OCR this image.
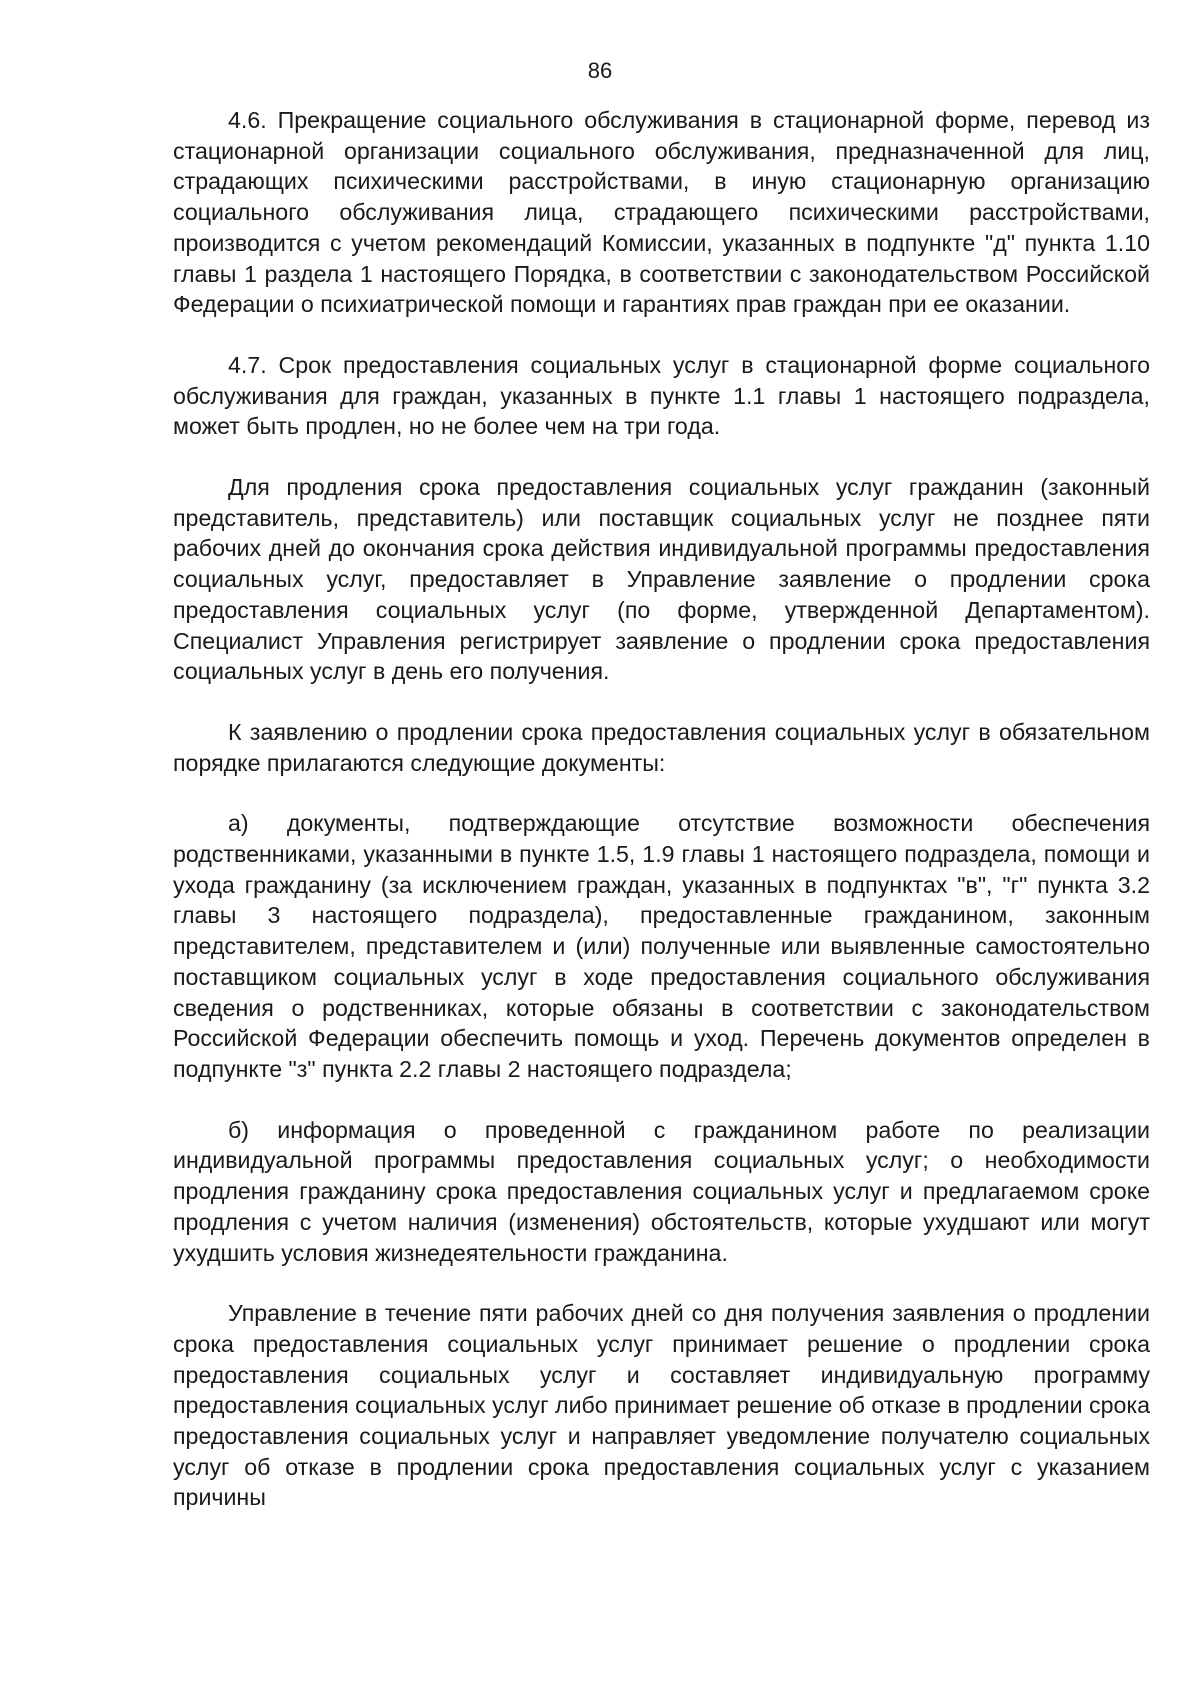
86

4.6. Прекращение социального обслуживания в стационарной форме, перевод из стационарной организации социального обслуживания, предназначенной для лиц, страдающих психическими расстройствами, в иную стационарную организацию социального обслуживания лица, страдающего психическими расстройствами, производится с учетом рекомендаций Комиссии, указанных в подпункте "д" пункта 1.10 главы 1 раздела 1 настоящего Порядка, в соответствии с законодательством Российской Федерации о психиатрической помощи и гарантиях прав граждан при ее оказании.

4.7. Срок предоставления социальных услуг в стационарной форме социального обслуживания для граждан, указанных в пункте 1.1 главы 1 настоящего подраздела, может быть продлен, но не более чем на три года.

Для продления срока предоставления социальных услуг гражданин (законный представитель, представитель) или поставщик социальных услуг не позднее пяти рабочих дней до окончания срока действия индивидуальной программы предоставления социальных услуг, предоставляет в Управление заявление о продлении срока предоставления социальных услуг (по форме, утвержденной Департаментом). Специалист Управления регистрирует заявление о продлении срока предоставления социальных услуг в день его получения.

К заявлению о продлении срока предоставления социальных услуг в обязательном порядке прилагаются следующие документы:

а) документы, подтверждающие отсутствие возможности обеспечения родственниками, указанными в пункте 1.5, 1.9 главы 1 настоящего подраздела, помощи и ухода гражданину (за исключением граждан, указанных в подпунктах "в", "г" пункта 3.2 главы 3 настоящего подраздела), предоставленные гражданином, законным представителем, представителем и (или) полученные или выявленные самостоятельно поставщиком социальных услуг в ходе предоставления социального обслуживания сведения о родственниках, которые обязаны в соответствии с законодательством Российской Федерации обеспечить помощь и уход. Перечень документов определен в подпункте "з" пункта 2.2 главы 2 настоящего подраздела;

б) информация о проведенной с гражданином работе по реализации индивидуальной программы предоставления социальных услуг; о необходимости продления гражданину срока предоставления социальных услуг и предлагаемом сроке продления с учетом наличия (изменения) обстоятельств, которые ухудшают или могут ухудшить условия жизнедеятельности гражданина.

Управление в течение пяти рабочих дней со дня получения заявления о продлении срока предоставления социальных услуг принимает решение о продлении срока предоставления социальных услуг и составляет индивидуальную программу предоставления социальных услуг либо принимает решение об отказе в продлении срока предоставления социальных услуг и направляет уведомление получателю социальных услуг об отказе в продлении срока предоставления социальных услуг с указанием причины
